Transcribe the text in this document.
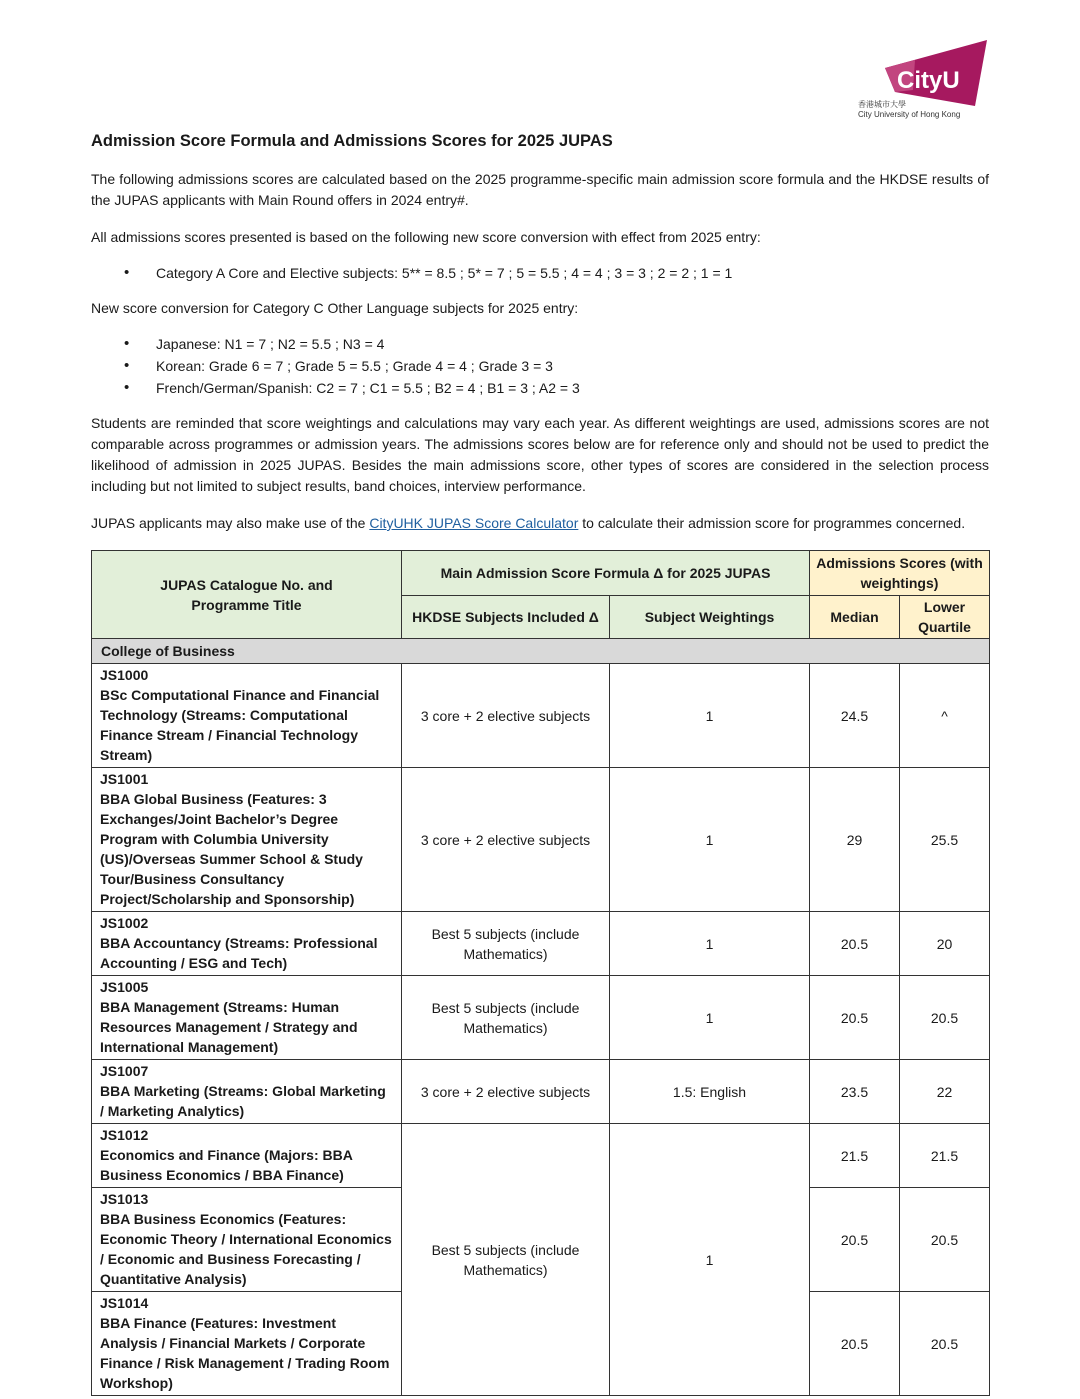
CityU
香港城市大學
City University of Hong Kong
Admission Score Formula and Admissions Scores for 2025 JUPAS

The following admissions scores are calculated based on the 2025 programme-specific main admission score formula and the HKDSE results of the JUPAS applicants with Main Round offers in 2024 entry#.

All admissions scores presented is based on the following new score conversion with effect from 2025 entry:

• Category A Core and Elective subjects: 5** = 8.5 ; 5* = 7 ; 5 = 5.5 ; 4 = 4 ; 3 = 3 ; 2 = 2 ; 1 = 1

New score conversion for Category C Other Language subjects for 2025 entry:

• Japanese: N1 = 7 ; N2 = 5.5 ; N3 = 4
• Korean: Grade 6 = 7 ; Grade 5 = 5.5 ; Grade 4 = 4 ; Grade 3 = 3
• French/German/Spanish: C2 = 7 ; C1 = 5.5 ; B2 = 4 ; B1 = 3 ; A2 = 3

Students are reminded that score weightings and calculations may vary each year. As different weightings are used, admissions scores are not comparable across programmes or admission years. The admissions scores below are for reference only and should not be used to predict the likelihood of admission in 2025 JUPAS. Besides the main admissions score, other types of scores are considered in the selection process including but not limited to subject results, band choices, interview performance.

JUPAS applicants may also make use of the CityUHK JUPAS Score Calculator to calculate their admission score for programmes concerned.

JUPAS Catalogue No. and Programme Title	Main Admission Score Formula Δ for 2025 JUPAS		Admissions Scores (with weightings)	
	HKDSE Subjects Included Δ	Subject Weightings	Median	Lower Quartile
College of Business				

JS1000
BSc Computational Finance and Financial Technology (Streams: Computational Finance Stream / Financial Technology Stream)	3 core + 2 elective subjects	1	24.5	^

JS1001
BBA Global Business (Features: 3 Exchanges/Joint Bachelor’s Degree Program with Columbia University (US)/Overseas Summer School & Study Tour/Business Consultancy Project/Scholarship and Sponsorship)	3 core + 2 elective subjects	1	29	25.5

JS1002
BBA Accountancy (Streams: Professional Accounting / ESG and Tech)	Best 5 subjects (include Mathematics)	1	20.5	20

JS1005
BBA Management (Streams: Human Resources Management / Strategy and International Management)	Best 5 subjects (include Mathematics)	1	20.5	20.5

JS1007
BBA Marketing (Streams: Global Marketing / Marketing Analytics)	3 core + 2 elective subjects	1.5: English	23.5	22

JS1012
Economics and Finance (Majors: BBA Business Economics / BBA Finance)	Best 5 subjects (include Mathematics)	1	21.5	21.5

JS1013
BBA Business Economics (Features: Economic Theory / International Economics / Economic and Business Forecasting / Quantitative Analysis)			20.5	20.5

JS1014
BBA Finance (Features: Investment Analysis / Financial Markets / Corporate Finance / Risk Management / Trading Room Workshop)			20.5	20.5
